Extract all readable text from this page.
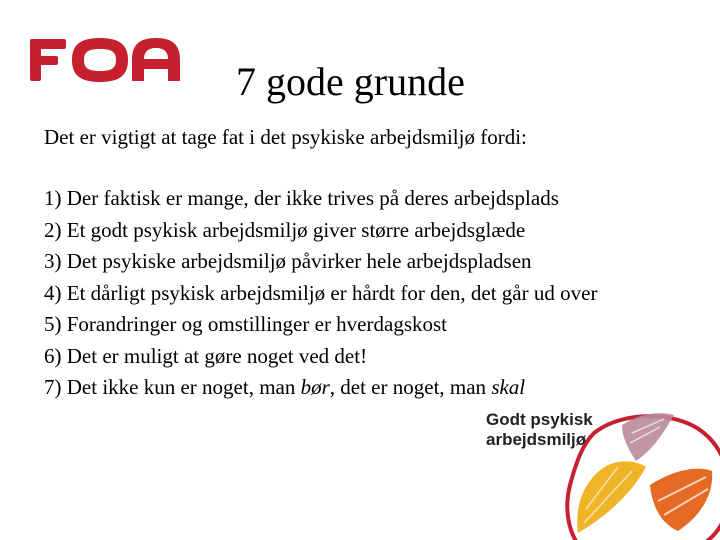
7 gode grunde
Det er vigtigt at tage fat i det psykiske arbejdsmiljø fordi:
1) Der faktisk er mange, der ikke trives på deres arbejdsplads
2) Et godt psykisk arbejdsmiljø giver større arbejdsglæde
3) Det psykiske arbejdsmiljø påvirker hele arbejdspladsen
4) Et dårligt psykisk arbejdsmiljø er hårdt for den, det går ud over
5) Forandringer og omstillinger er hverdagskost
6) Det er muligt at gøre noget ved det!
7) Det ikke kun er noget, man bør, det er noget, man skal
Godt psykisk
arbejdsmiljø
